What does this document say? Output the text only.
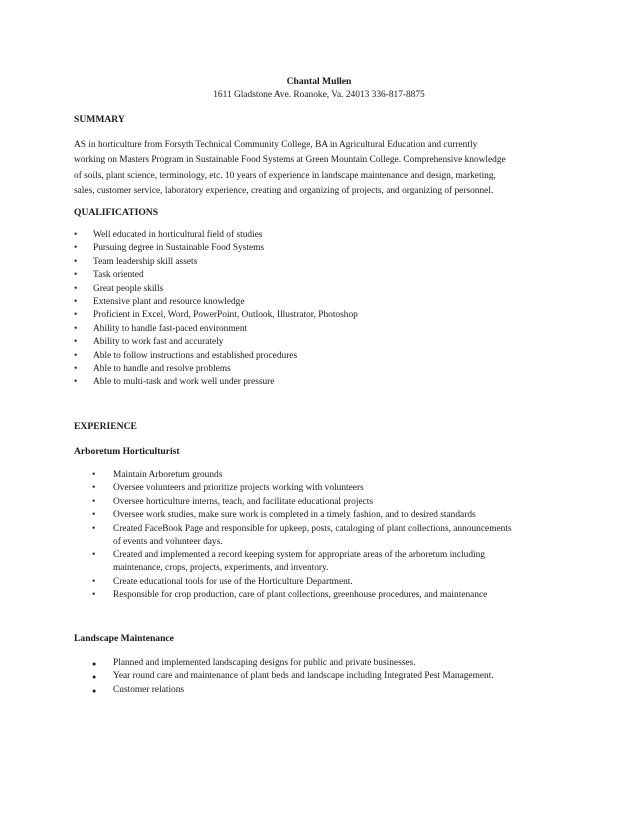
Chantal Mullen
1611 Gladstone Ave. Roanoke, Va. 24013 336-817-8875
SUMMARY
AS in horticulture from Forsyth Technical Community College, BA in Agricultural Education and currently
working on Masters Program in Sustainable Food Systems at Green Mountain College. Comprehensive knowledge
of soils, plant science, terminology, etc. 10 years of experience in landscape maintenance and design, marketing,
sales, customer service, laboratory experience, creating and organizing of projects, and organizing of personnel.
QUALIFICATIONS
• Well educated in horticultural field of studies
• Pursuing degree in Sustainable Food Systems
• Team leadership skill assets
• Task oriented
• Great people skills
• Extensive plant and resource knowledge
• Proficient in Excel, Word, PowerPoint, Outlook, Illustrator, Photoshop
• Ability to handle fast-paced environment
• Ability to work fast and accurately
• Able to follow instructions and established procedures
• Able to handle and resolve problems
• Able to multi-task and work well under pressure
EXPERIENCE
Arboretum Horticulturist
• Maintain Arboretum grounds
• Oversee volunteers and prioritize projects working with volunteers
• Oversee horticulture interns, teach, and facilitate educational projects
• Oversee work studies, make sure work is completed in a timely fashion, and to desired standards
• Created FaceBook Page and responsible for upkeep, posts, cataloging of plant collections, announcements
of events and volunteer days.
• Created and implemented a record keeping system for appropriate areas of the arboretum including
maintenance, crops, projects, experiments, and inventory.
• Create educational tools for use of the Horticulture Department.
• Responsible for crop production, care of plant collections, greenhouse procedures, and maintenance
Landscape Maintenance
● Planned and implemented landscaping designs for public and private businesses.
● Year round care and maintenance of plant beds and landscape including Integrated Pest Management.
● Customer relations
